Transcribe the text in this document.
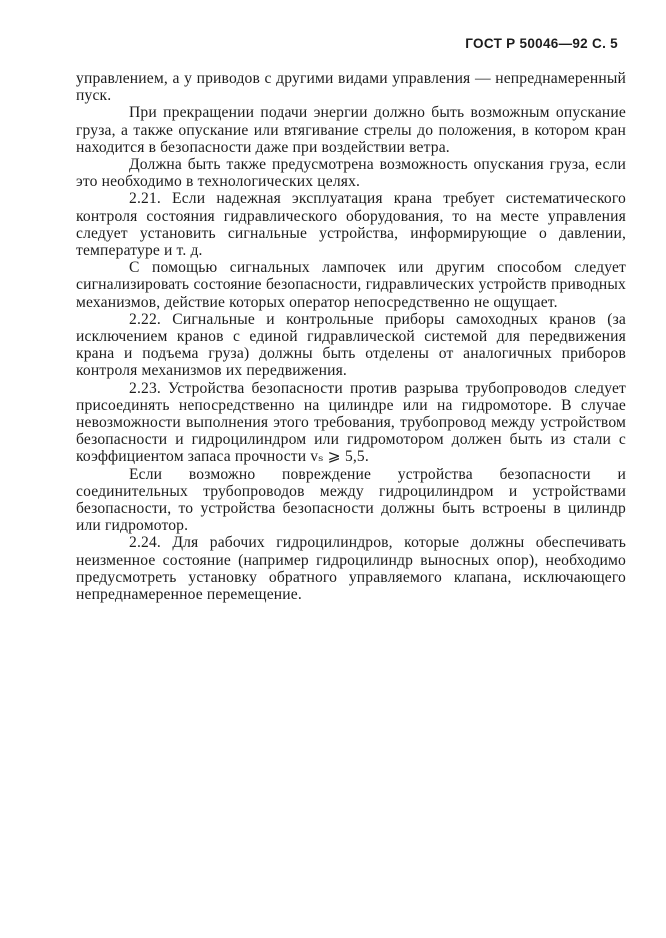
ГОСТ Р 50046—92 С. 5

управлением, а у приводов с другими видами управления — непреднамеренный пуск.

При прекращении подачи энергии должно быть возможным опускание груза, а также опускание или втягивание стрелы до положения, в котором кран находится в безопасности даже при воздействии ветра.

Должна быть также предусмотрена возможность опускания груза, если это необходимо в технологических целях.

2.21. Если надежная эксплуатация крана требует систематического контроля состояния гидравлического оборудования, то на месте управления следует установить сигнальные устройства, информирующие о давлении, температуре и т. д.

С помощью сигнальных лампочек или другим способом следует сигнализировать состояние безопасности, гидравлических устройств приводных механизмов, действие которых оператор непосредственно не ощущает.

2.22. Сигнальные и контрольные приборы самоходных кранов (за исключением кранов с единой гидравлической системой для передвижения крана и подъема груза) должны быть отделены от аналогичных приборов контроля механизмов их передвижения.

2.23. Устройства безопасности против разрыва трубопроводов следует присоединять непосредственно на цилиндре или на гидромоторе. В случае невозможности выполнения этого требования, трубопровод между устройством безопасности и гидроцилиндром или гидромотором должен быть из стали с коэффициентом запаса прочности vₛ ⩾ 5,5.

Если возможно повреждение устройства безопасности и соединительных трубопроводов между гидроцилиндром и устройствами безопасности, то устройства безопасности должны быть встроены в цилиндр или гидромотор.

2.24. Для рабочих гидроцилиндров, которые должны обеспечивать неизменное состояние (например гидроцилиндр выносных опор), необходимо предусмотреть установку обратного управляемого клапана, исключающего непреднамеренное перемещение.
